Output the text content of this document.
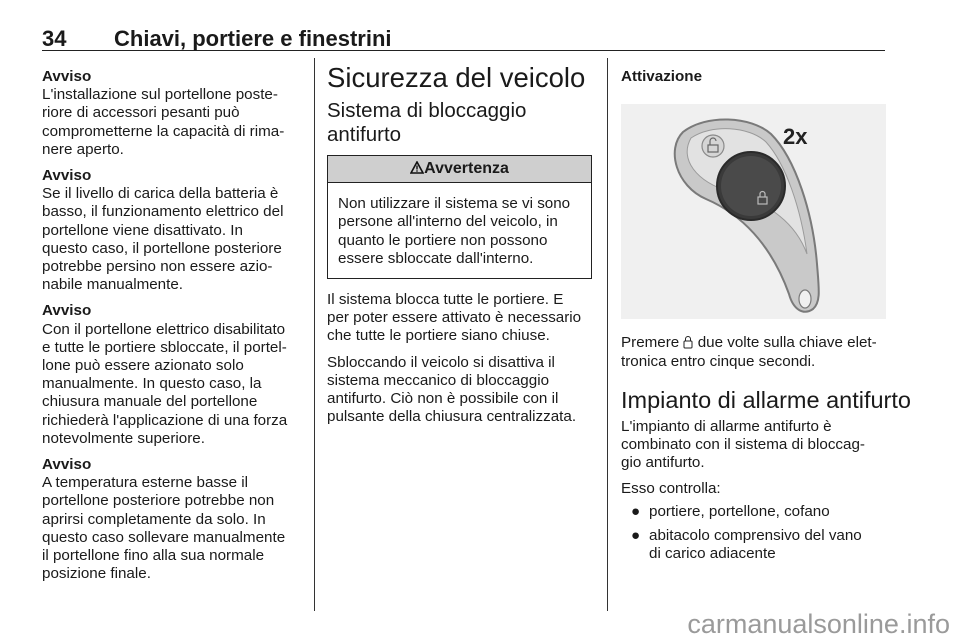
34 Chiavi, portiere e finestrini
Avviso
L'installazione sul portellone poste-
riore di accessori pesanti può
comprometterne la capacità di rima-
nere aperto.
Avviso
Se il livello di carica della batteria è
basso, il funzionamento elettrico del
portellone viene disattivato. In
questo caso, il portellone posteriore
potrebbe persino non essere azio-
nabile manualmente.
Avviso
Con il portellone elettrico disabilitato
e tutte le portiere sbloccate, il portel-
lone può essere azionato solo
manualmente. In questo caso, la
chiusura manuale del portellone
richiederà l'applicazione di una forza
notevolmente superiore.
Avviso
A temperatura esterne basse il
portellone posteriore potrebbe non
aprirsi completamente da solo. In
questo caso sollevare manualmente
il portellone fino alla sua normale
posizione finale.
Sicurezza del veicolo
Sistema di bloccaggio
antifurto
Avvertenza
Non utilizzare il sistema se vi sono
persone all'interno del veicolo, in
quanto le portiere non possono
essere sbloccate dall'interno.
Il sistema blocca tutte le portiere. E
per poter essere attivato è necessario
che tutte le portiere siano chiuse.
Sbloccando il veicolo si disattiva il
sistema meccanico di bloccaggio
antifurto. Ciò non è possibile con il
pulsante della chiusura centralizzata.
Attivazione
2x
Premere  due volte sulla chiave elet-
tronica entro cinque secondi.
Impianto di allarme antifurto
L'impianto di allarme antifurto è
combinato con il sistema di bloccag-
gio antifurto.
Esso controlla:
● portiere, portellone, cofano
● abitacolo comprensivo del vano
di carico adiacente
carmanualsonline.info
